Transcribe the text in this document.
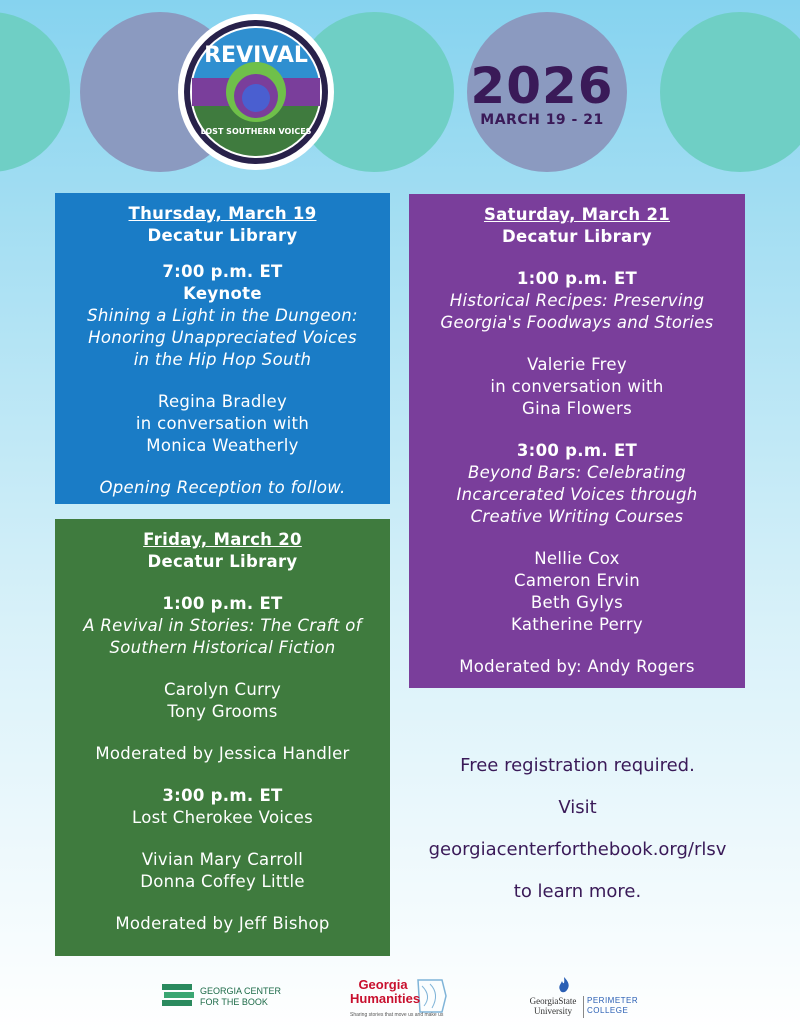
REVIVAL
LOST SOUTHERN VOICES
2026
MARCH 19 - 21
Thursday, March 19
Decatur Library
7:00 p.m. ET
Keynote
Shining a Light in the Dungeon:
Honoring Unappreciated Voices
in the Hip Hop South
Regina Bradley
in conversation with
Monica Weatherly
Opening Reception to follow.
Saturday, March 21
Decatur Library
1:00 p.m. ET
Historical Recipes: Preserving
Georgia's Foodways and Stories
Valerie Frey
in conversation with
Gina Flowers
3:00 p.m. ET
Beyond Bars: Celebrating
Incarcerated Voices through
Creative Writing Courses
Nellie Cox
Cameron Ervin
Beth Gylys
Katherine Perry
Moderated by: Andy Rogers
Friday, March 20
Decatur Library
1:00 p.m. ET
A Revival in Stories: The Craft of
Southern Historical Fiction
Carolyn Curry
Tony Grooms
Moderated by Jessica Handler
3:00 p.m. ET
Lost Cherokee Voices
Vivian Mary Carroll
Donna Coffey Little
Moderated by Jeff Bishop
Free registration required.
Visit
georgiacenterforthebook.org/rlsv
to learn more.
GEORGIA CENTER
FOR THE BOOK
Georgia
Humanities
Sharing stories that move us and make us
GeorgiaState
University
PERIMETER
COLLEGE
